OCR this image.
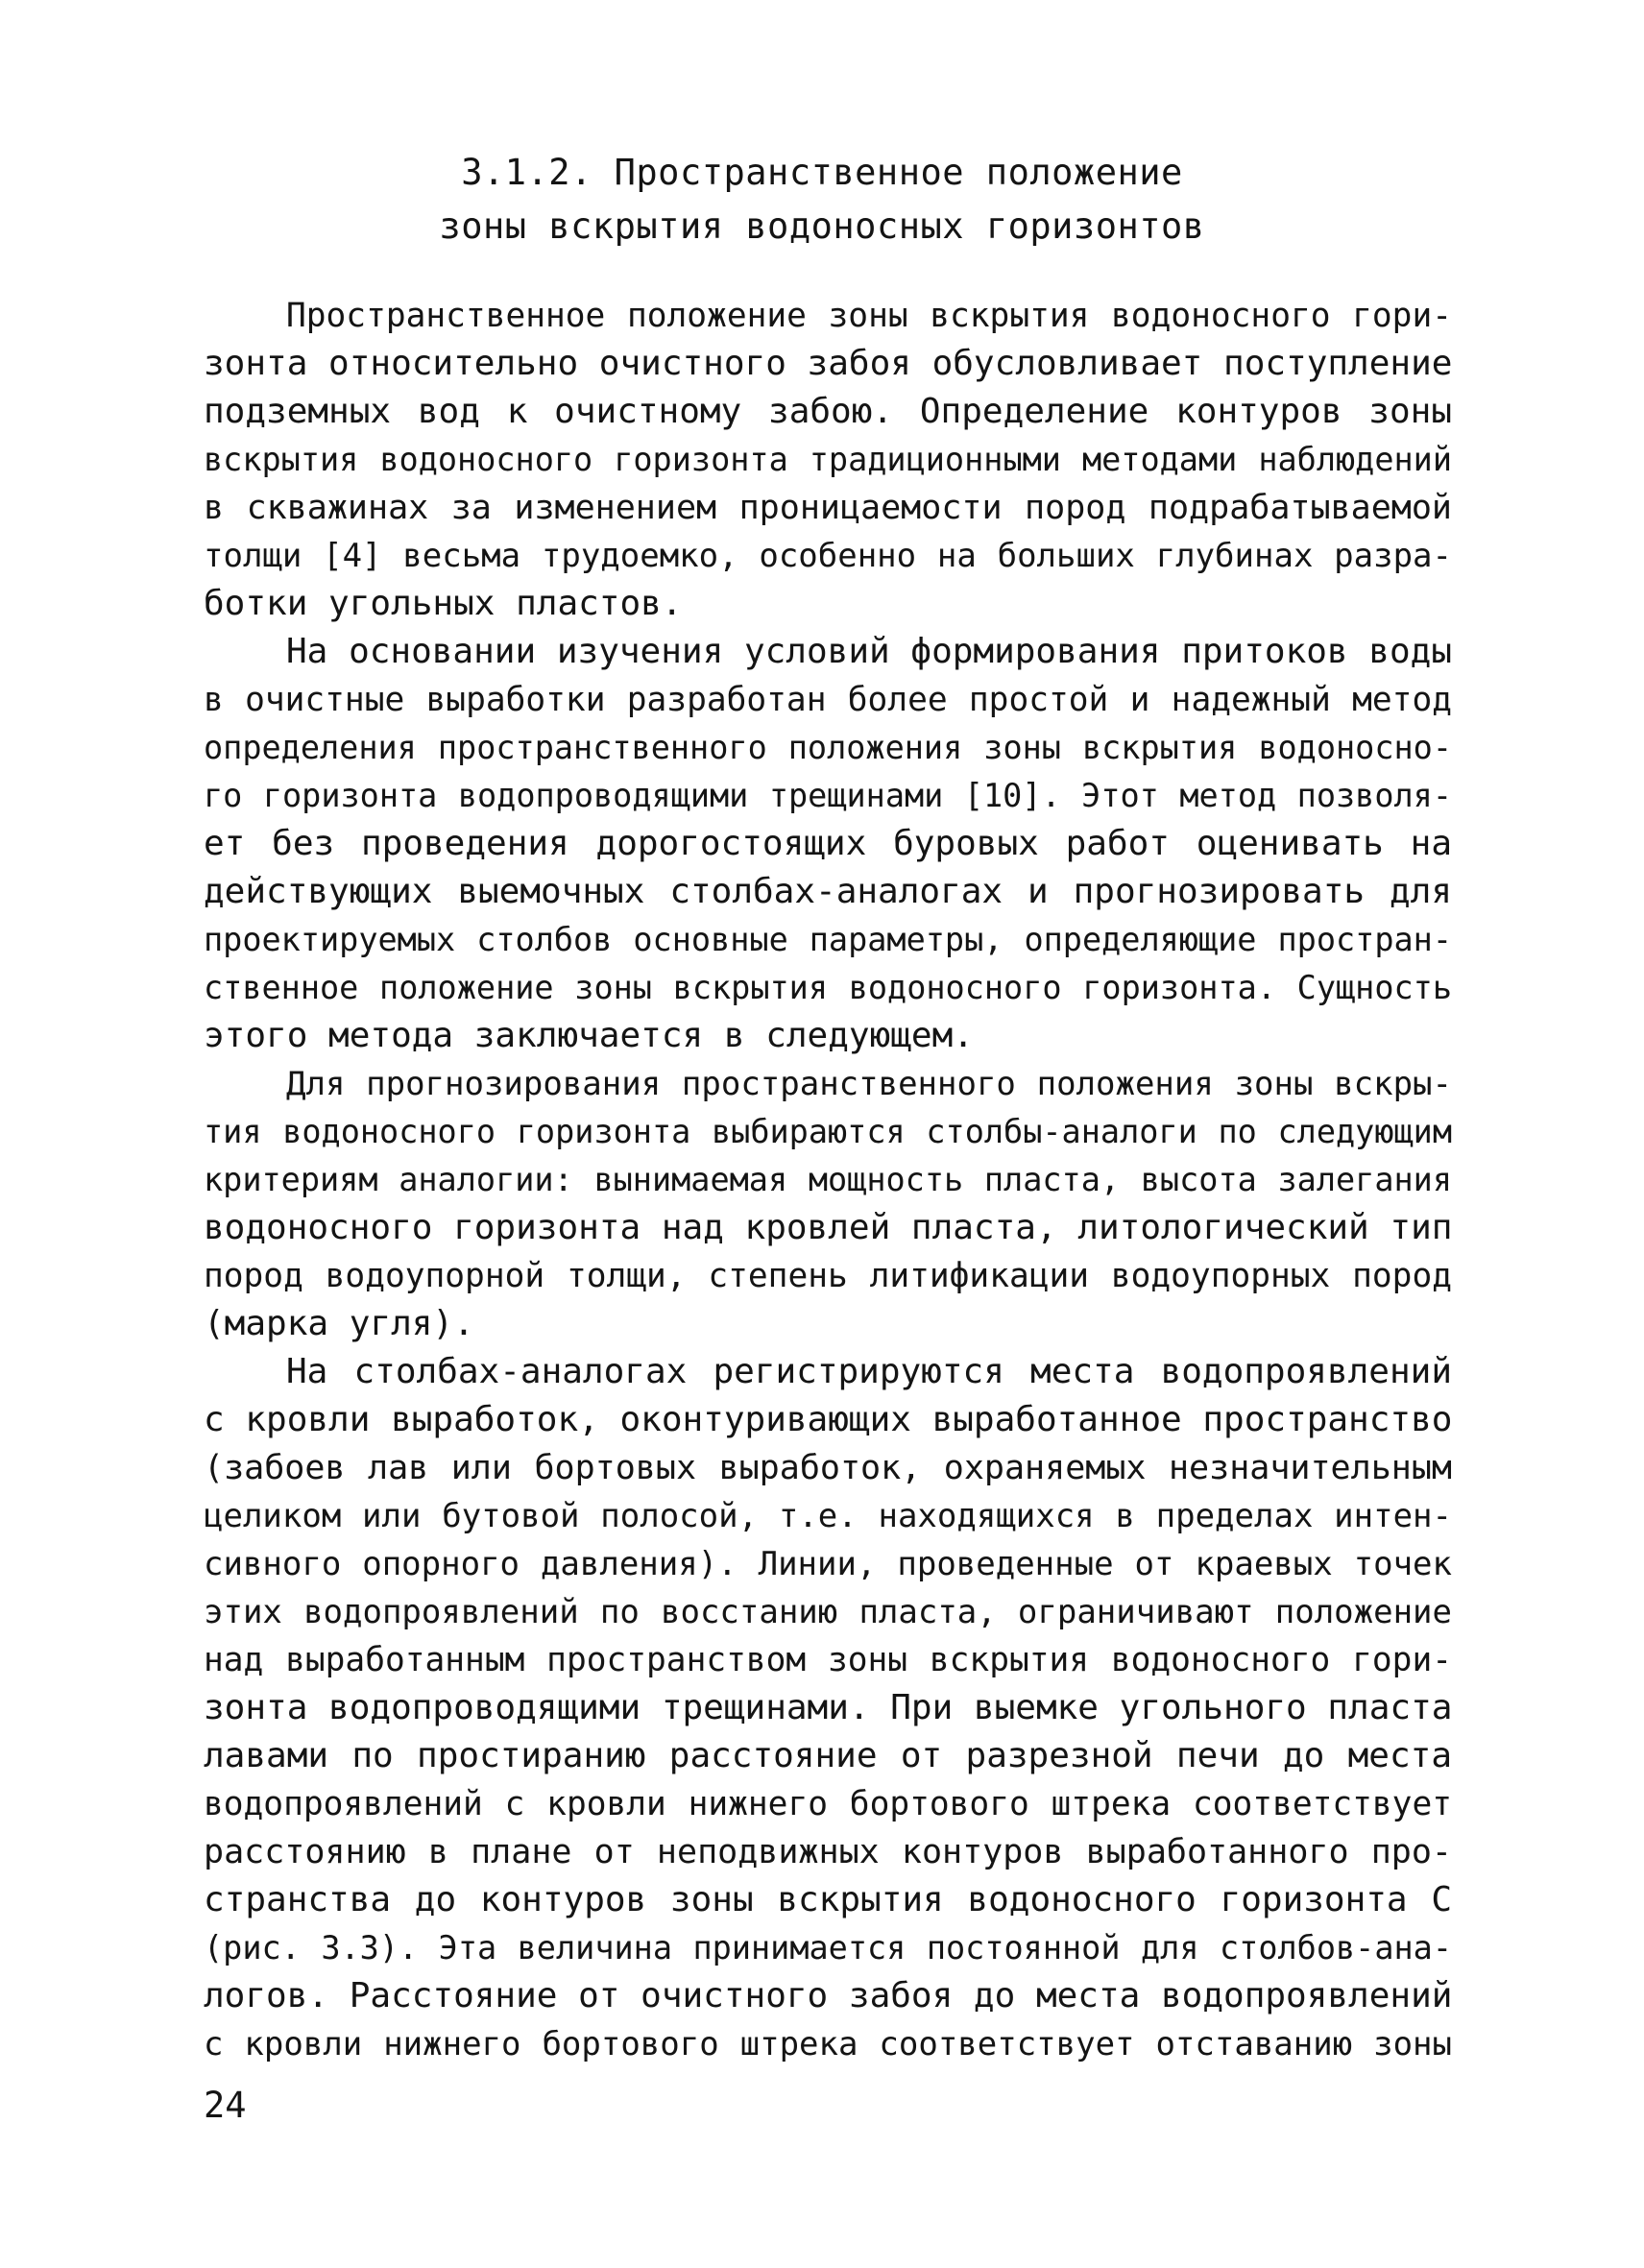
3.1.2. Пространственное положение
зоны вскрытия водоносных горизонтов
Пространственное положение зоны вскрытия водоносного гори-
зонта относительно очистного забоя обусловливает поступление
подземных вод к очистному забою. Определение контуров зоны
вскрытия водоносного горизонта традиционными методами наблюдений
в скважинах за изменением проницаемости пород подрабатываемой
толщи [4] весьма трудоемко, особенно на больших глубинах разра-
ботки угольных пластов.
На основании изучения условий формирования притоков воды
в очистные выработки разработан более простой и надежный метод
определения пространственного положения зоны вскрытия водоносно-
го горизонта водопроводящими трещинами [10]. Этот метод позволя-
ет без проведения дорогостоящих буровых работ оценивать на
действующих выемочных столбах-аналогах и прогнозировать для
проектируемых столбов основные параметры, определяющие простран-
ственное положение зоны вскрытия водоносного горизонта. Сущность
этого метода заключается в следующем.
Для прогнозирования пространственного положения зоны вскры-
тия водоносного горизонта выбираются столбы-аналоги по следующим
критериям аналогии: вынимаемая мощность пласта, высота залегания
водоносного горизонта над кровлей пласта, литологический тип
пород водоупорной толщи, степень литификации водоупорных пород
(марка угля).
На столбах-аналогах регистрируются места водопроявлений
с кровли выработок, оконтуривающих выработанное пространство
(забоев лав или бортовых выработок, охраняемых незначительным
целиком или бутовой полосой, т.е. находящихся в пределах интен-
сивного опорного давления). Линии, проведенные от краевых точек
этих водопроявлений по восстанию пласта, ограничивают положение
над выработанным пространством зоны вскрытия водоносного гори-
зонта водопроводящими трещинами. При выемке угольного пласта
лавами по простиранию расстояние от разрезной печи до места
водопроявлений с кровли нижнего бортового штрека соответствует
расстоянию в плане от неподвижных контуров выработанного про-
странства до контуров зоны вскрытия водоносного горизонта С
(рис. 3.3). Эта величина принимается постоянной для столбов-ана-
логов. Расстояние от очистного забоя до места водопроявлений
с кровли нижнего бортового штрека соответствует отставанию зоны
24
